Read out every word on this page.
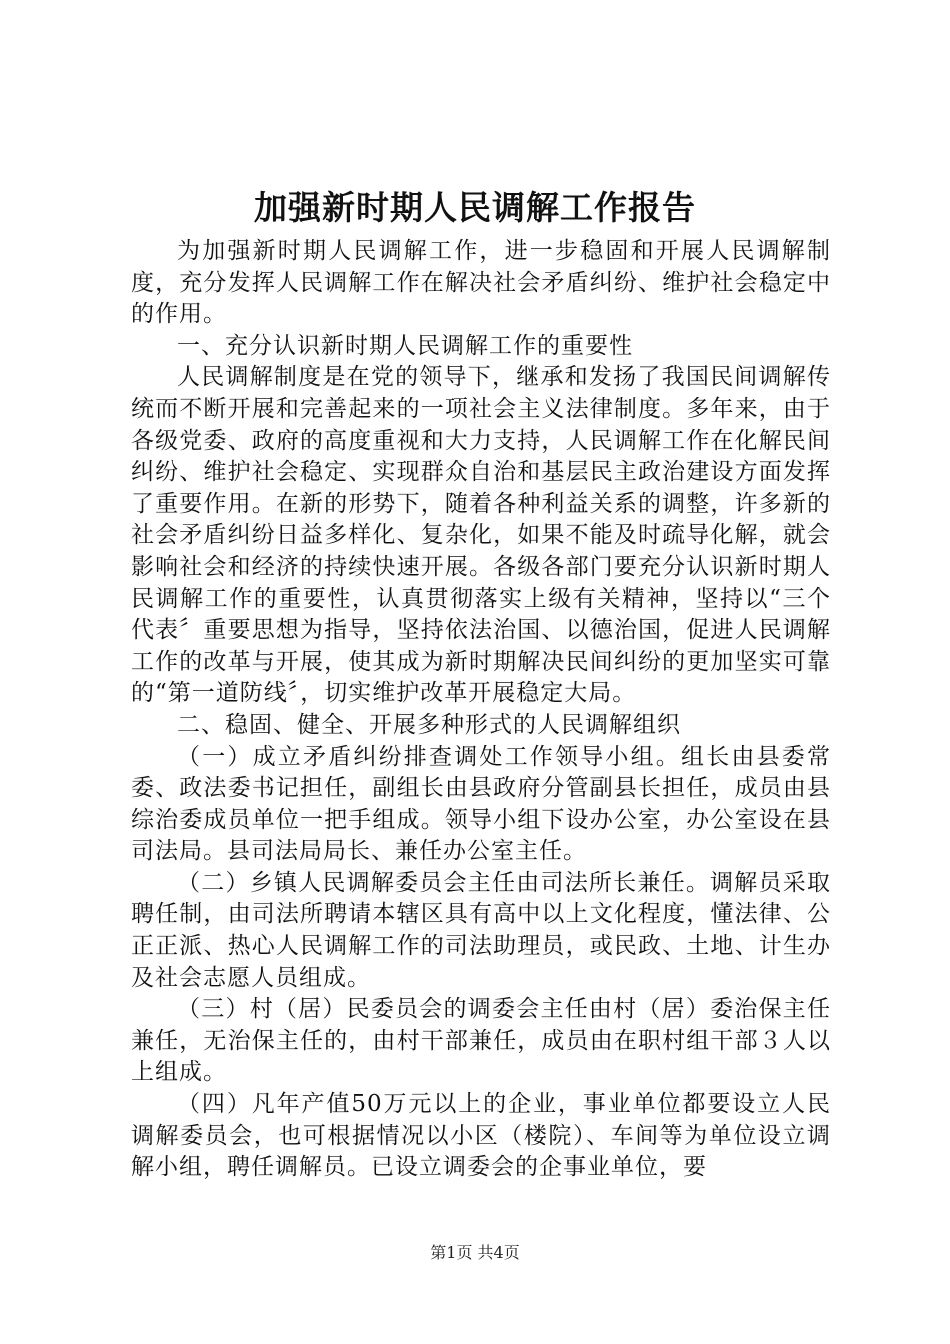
加强新时期人民调解工作报告

为加强新时期人民调解工作，进一步稳固和开展人民调解制度，充分发挥人民调解工作在解决社会矛盾纠纷、维护社会稳定中的作用。

一、充分认识新时期人民调解工作的重要性

人民调解制度是在党的领导下，继承和发扬了我国民间调解传统而不断开展和完善起来的一项社会主义法律制度。多年来，由于各级党委、政府的高度重视和大力支持，人民调解工作在化解民间纠纷、维护社会稳定、实现群众自治和基层民主政治建设方面发挥了重要作用。在新的形势下，随着各种利益关系的调整，许多新的社会矛盾纠纷日益多样化、复杂化，如果不能及时疏导化解，就会影响社会和经济的持续快速开展。各级各部门要充分认识新时期人民调解工作的重要性，认真贯彻落实上级有关精神，坚持以“三个代表〞重要思想为指导，坚持依法治国、以德治国，促进人民调解工作的改革与开展，使其成为新时期解决民间纠纷的更加坚实可靠的“第一道防线〞，切实维护改革开展稳定大局。

二、稳固、健全、开展多种形式的人民调解组织

（一）成立矛盾纠纷排查调处工作领导小组。组长由县委常委、政法委书记担任，副组长由县政府分管副县长担任，成员由县综治委成员单位一把手组成。领导小组下设办公室，办公室设在县司法局。县司法局局长、兼任办公室主任。

（二）乡镇人民调解委员会主任由司法所长兼任。调解员采取聘任制，由司法所聘请本辖区具有高中以上文化程度，懂法律、公正正派、热心人民调解工作的司法助理员，或民政、土地、计生办及社会志愿人员组成。

（三）村（居）民委员会的调委会主任由村（居）委治保主任兼任，无治保主任的，由村干部兼任，成员由在职村组干部３人以上组成。

（四）凡年产值50万元以上的企业，事业单位都要设立人民调解委员会，也可根据情况以小区（楼院）、车间等为单位设立调解小组，聘任调解员。已设立调委会的企事业单位，要

第1页 共4页
